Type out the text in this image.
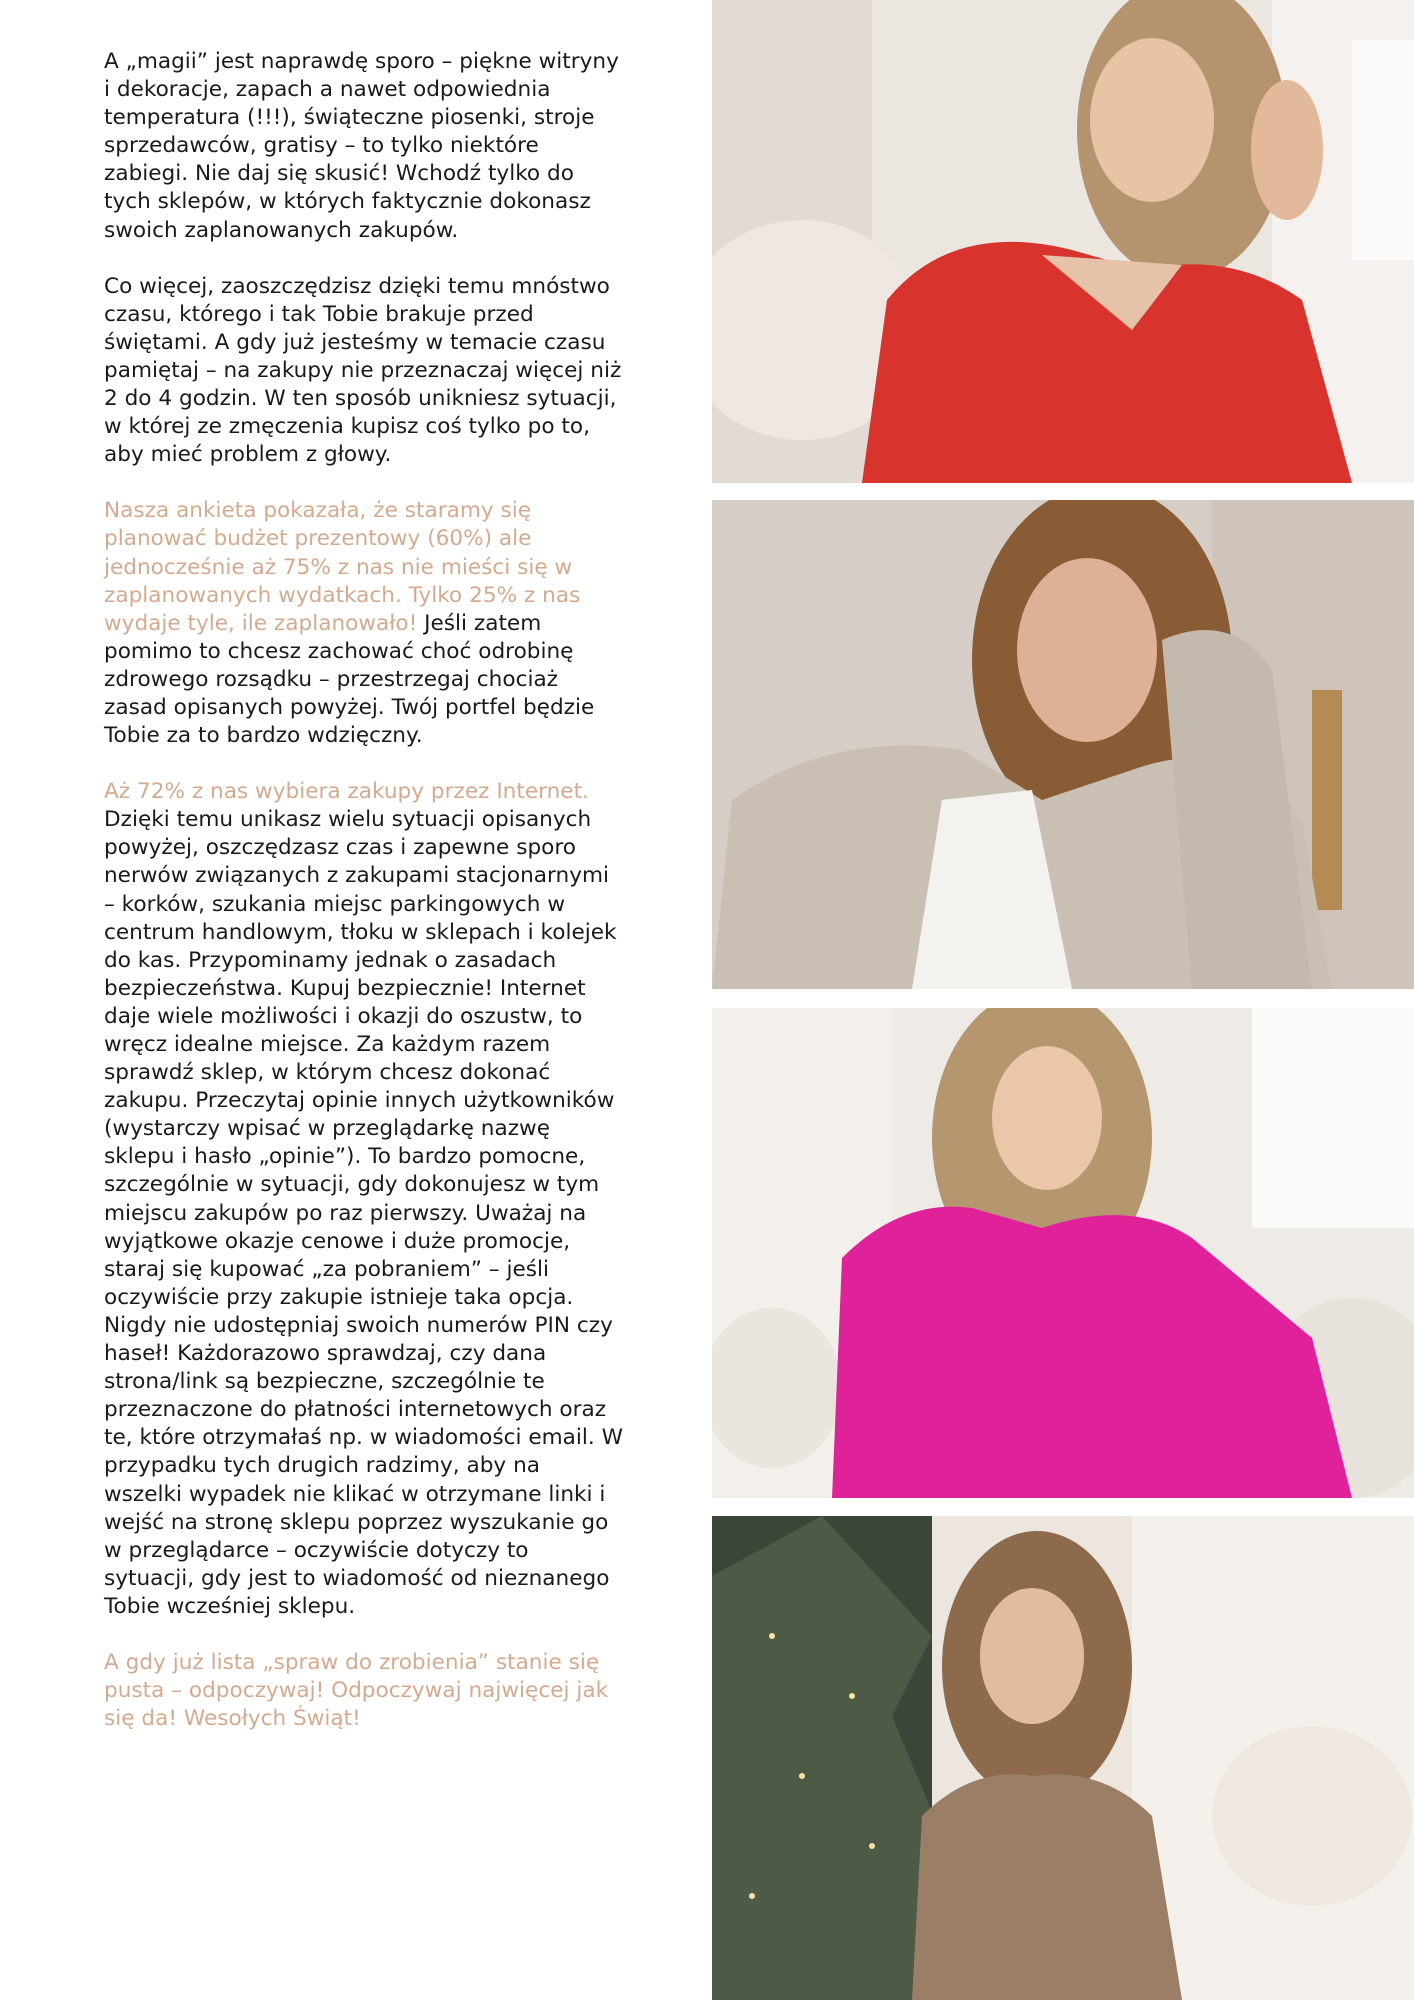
A „magii” jest naprawdę sporo – piękne witryny i dekoracje, zapach a nawet odpowiednia temperatura (!!!), świąteczne piosenki, stroje sprzedawców, gratisy – to tylko niektóre zabiegi. Nie daj się skusić! Wchodź tylko do tych sklepów, w których faktycznie dokonasz swoich zaplanowanych zakupów.

Co więcej, zaoszczędzisz dzięki temu mnóstwo czasu, którego i tak Tobie brakuje przed świętami. A gdy już jesteśmy w temacie czasu pamiętaj – na zakupy nie przeznaczaj więcej niż 2 do 4 godzin. W ten sposób unikniesz sytuacji, w której ze zmęczenia kupisz coś tylko po to, aby mieć problem z głowy.

Nasza ankieta pokazała, że staramy się planować budżet prezentowy (60%) ale jednocześnie aż 75% z nas nie mieści się w zaplanowanych wydatkach. Tylko 25% z nas wydaje tyle, ile zaplanowało! Jeśli zatem pomimo to chcesz zachować choć odrobinę zdrowego rozsądku – przestrzegaj chociaż zasad opisanych powyżej. Twój portfel będzie Tobie za to bardzo wdzięczny.

Aż 72% z nas wybiera zakupy przez Internet. Dzięki temu unikasz wielu sytuacji opisanych powyżej, oszczędzasz czas i zapewne sporo nerwów związanych z zakupami stacjonarnymi – korków, szukania miejsc parkingowych w centrum handlowym, tłoku w sklepach i kolejek do kas. Przypominamy jednak o zasadach bezpieczeństwa. Kupuj bezpiecznie! Internet daje wiele możliwości i okazji do oszustw, to wręcz idealne miejsce. Za każdym razem sprawdź sklep, w którym chcesz dokonać zakupu. Przeczytaj opinie innych użytkowników (wystarczy wpisać w przeglądarkę nazwę sklepu i hasło „opinie”). To bardzo pomocne, szczególnie w sytuacji, gdy dokonujesz w tym miejscu zakupów po raz pierwszy. Uważaj na wyjątkowe okazje cenowe i duże promocje, staraj się kupować „za pobraniem” – jeśli oczywiście przy zakupie istnieje taka opcja. Nigdy nie udostępniaj swoich numerów PIN czy haseł! Każdorazowo sprawdzaj, czy dana strona/link są bezpieczne, szczególnie te przeznaczone do płatności internetowych oraz te, które otrzymałaś np. w wiadomości email. W przypadku tych drugich radzimy, aby na wszelki wypadek nie klikać w otrzymane linki i wejść na stronę sklepu poprzez wyszukanie go w przeglądarce – oczywiście dotyczy to sytuacji, gdy jest to wiadomość od nieznanego Tobie wcześniej sklepu.

A gdy już lista „spraw do zrobienia” stanie się pusta – odpoczywaj! Odpoczywaj najwięcej jak się da! Wesołych Świąt!
